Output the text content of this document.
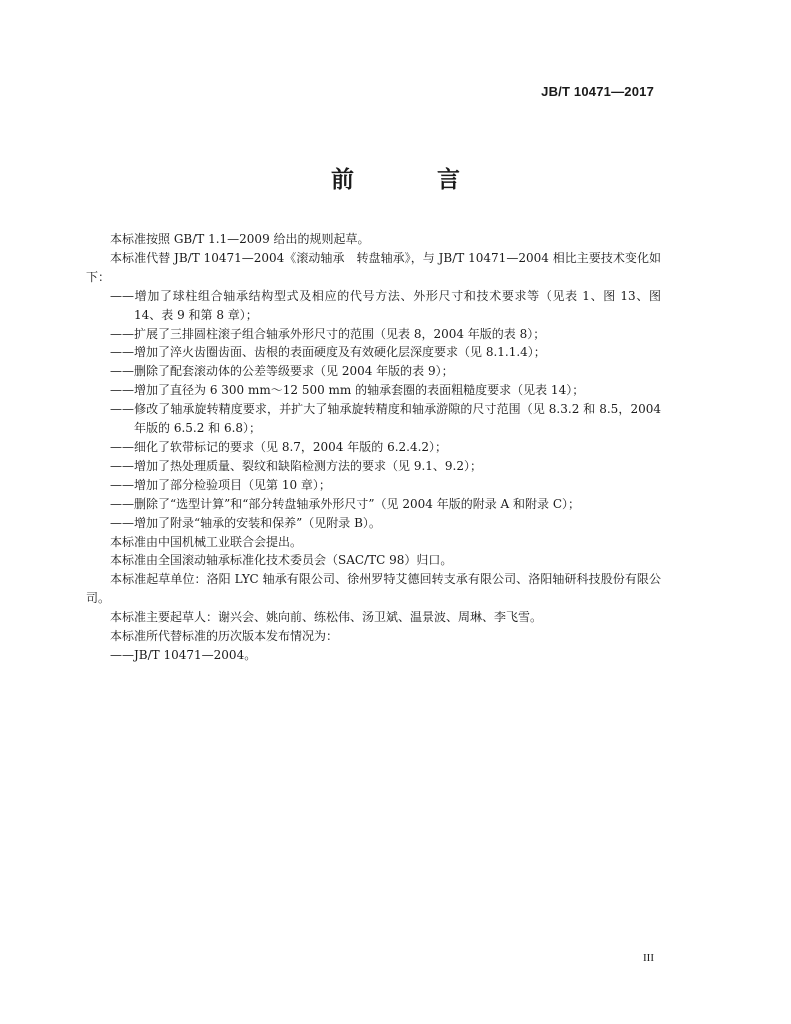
JB/T 10471—2017
前　言

本标准按照 GB/T 1.1—2009 给出的规则起草。

本标准代替 JB/T 10471—2004《滚动轴承　转盘轴承》，与 JB/T 10471—2004 相比主要技术变化如下：

——增加了球柱组合轴承结构型式及相应的代号方法、外形尺寸和技术要求等（见表 1、图 13、图 14、表 9 和第 8 章）；

——扩展了三排圆柱滚子组合轴承外形尺寸的范围（见表 8，2004 年版的表 8）；

——增加了淬火齿圈齿面、齿根的表面硬度及有效硬化层深度要求（见 8.1.1.4）；

——删除了配套滚动体的公差等级要求（见 2004 年版的表 9）；

——增加了直径为 6 300 mm～12 500 mm 的轴承套圈的表面粗糙度要求（见表 14）；

——修改了轴承旋转精度要求，并扩大了轴承旋转精度和轴承游隙的尺寸范围（见 8.3.2 和 8.5，2004 年版的 6.5.2 和 6.8）；

——细化了软带标记的要求（见 8.7，2004 年版的 6.2.4.2）；

——增加了热处理质量、裂纹和缺陷检测方法的要求（见 9.1、9.2）；

——增加了部分检验项目（见第 10 章）；

——删除了“选型计算”和“部分转盘轴承外形尺寸”（见 2004 年版的附录 A 和附录 C）；

——增加了附录“轴承的安装和保养”（见附录 B）。

本标准由中国机械工业联合会提出。

本标准由全国滚动轴承标准化技术委员会（SAC/TC 98）归口。

本标准起草单位：洛阳 LYC 轴承有限公司、徐州罗特艾德回转支承有限公司、洛阳轴研科技股份有限公司。

本标准主要起草人：谢兴会、姚向前、练松伟、汤卫斌、温景波、周琳、李飞雪。

本标准所代替标准的历次版本发布情况为：

——JB/T 10471—2004。

III
